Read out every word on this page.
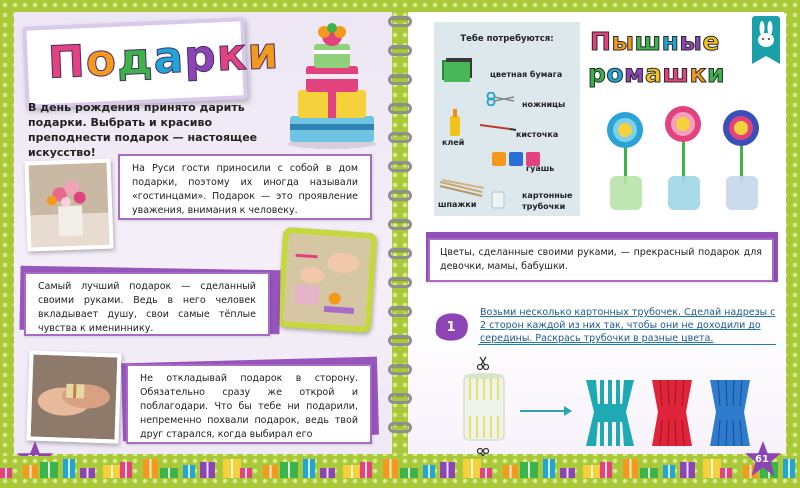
Подарки
В день рождения принято дарить подарки. Выбрать и красиво преподнести подарок — настоящее искусство!
На Руси гости приносили с собой в дом подарки, поэтому их иногда называли «гостинцами». Подарок — это проявление уважения, внимания к человеку.
Самый лучший подарок — сделанный своими руками. Ведь в него человек вкладывает душу, свои самые тёплые чувства к имениннику.
Не откладывай подарок в сторону. Обязательно сразу же открой и поблагодари. Что бы тебе ни подарили, непременно похвали подарок, ведь твой друг старался, когда выбирал его
Тебе потребуются:
цветная бумага
ножницы
клей
кисточка
гуашь
шпажки
картонные трубочки
Пышные
ромашки
Цветы, сделанные своими руками, — прекрасный подарок для девочки, мамы, бабушки.
1
Возьми несколько картонных трубочек. Сделай надрезы с 2 сторон каждой из них так, чтобы они не доходили до середины. Раскрась трубочки в разные цвета.
61
